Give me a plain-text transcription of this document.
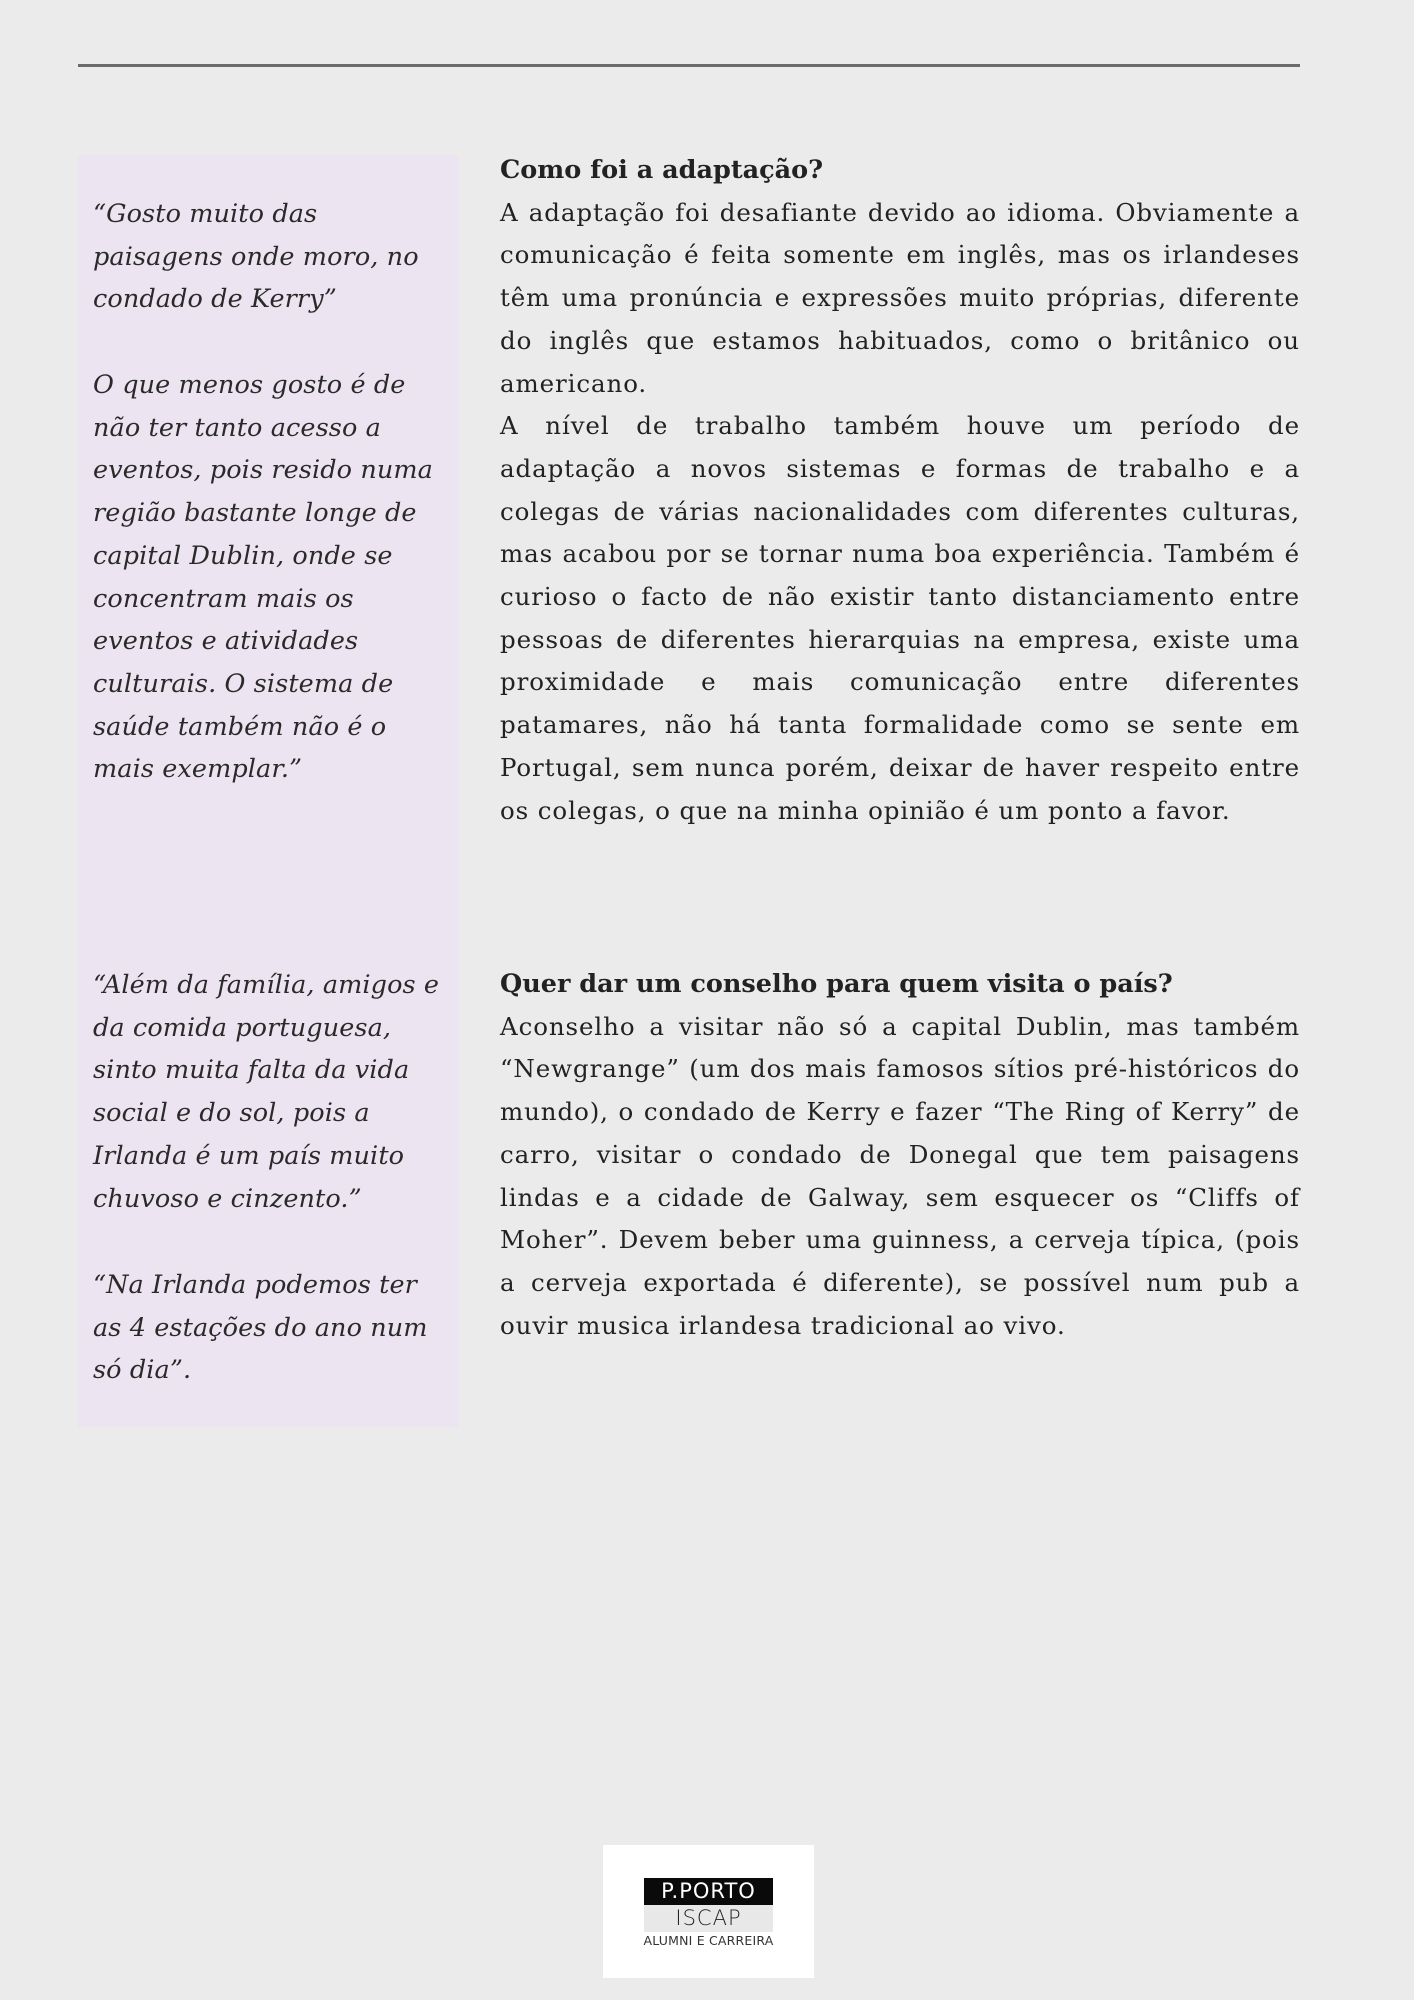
“Gosto muito das paisagens onde moro, no condado de Kerry”
O que menos gosto é de não ter tanto acesso a eventos, pois resido numa região bastante longe de capital Dublin, onde se concentram mais os eventos e atividades culturais. O sistema de saúde também não é o mais exemplar.”
“Além da família, amigos e da comida portuguesa, sinto muita falta da vida social e do sol, pois a Irlanda é um país muito chuvoso e cinzento.”
“Na Irlanda podemos ter as 4 estações do ano num só dia”.
Como foi a adaptação?

A adaptação foi desafiante devido ao idioma. Obviamente a comunicação é feita somente em inglês, mas os irlandeses têm uma pronúncia e expressões muito próprias, diferente do inglês que estamos habituados, como o britânico ou americano.

A nível de trabalho também houve um período de adaptação a novos sistemas e formas de trabalho e a colegas de várias nacionalidades com diferentes culturas, mas acabou por se tornar numa boa experiência. Também é curioso o facto de não existir tanto distanciamento entre pessoas de diferentes hierarquias na empresa, existe uma proximidade e mais comunicação entre diferentes patamares, não há tanta formalidade como se sente em Portugal, sem nunca porém, deixar de haver respeito entre os colegas, o que na minha opinião é um ponto a favor.

Quer dar um conselho para quem visita o país?

Aconselho a visitar não só a capital Dublin, mas também “Newgrange” (um dos mais famosos sítios pré-históricos do mundo), o condado de Kerry e fazer “The Ring of Kerry” de carro, visitar o condado de Donegal que tem paisagens lindas e a cidade de Galway, sem esquecer os “Cliffs of Moher”. Devem beber uma guinness, a cerveja típica, (pois a cerveja exportada é diferente), se possível num pub a ouvir musica irlandesa tradicional ao vivo.

P.PORTO
ISCAP
ALUMNI E CARREIRA
